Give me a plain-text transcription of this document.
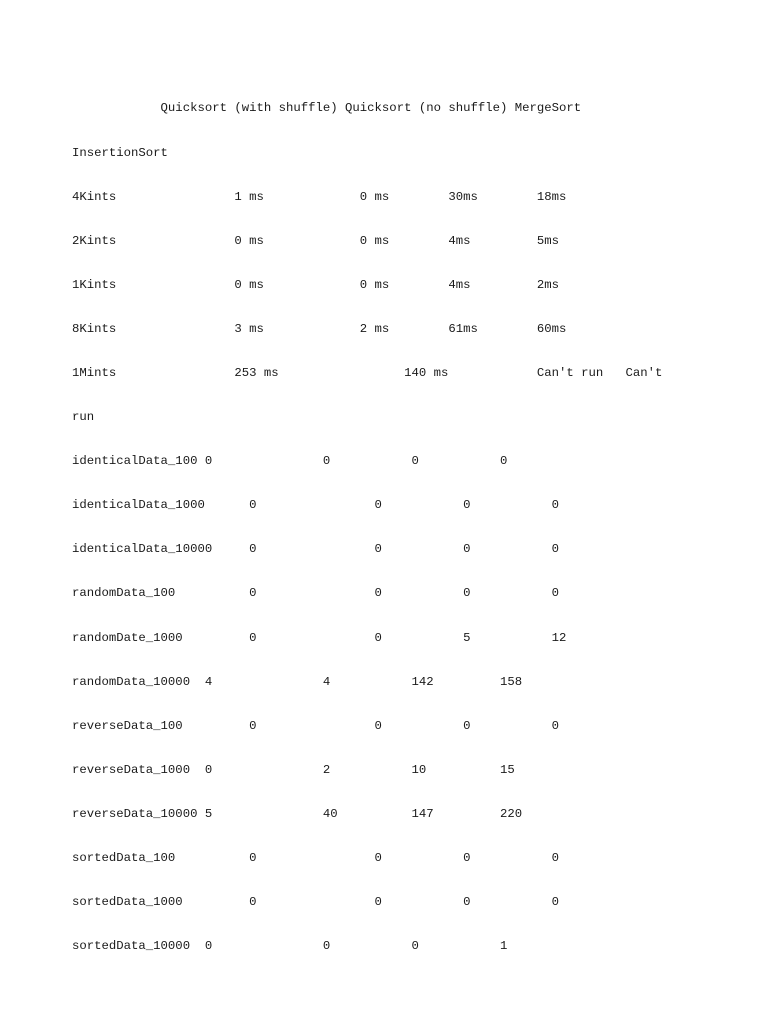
Quicksort (with shuffle) Quicksort (no shuffle) MergeSort

InsertionSort

4Kints                1 ms             0 ms        30ms        18ms

2Kints                0 ms             0 ms        4ms         5ms

1Kints                0 ms             0 ms        4ms         2ms

8Kints                3 ms             2 ms        61ms        60ms

1Mints                253 ms                 140 ms            Can't run   Can't

run

identicalData_100 0               0           0           0

identicalData_1000      0                0           0           0

identicalData_10000     0                0           0           0

randomData_100          0                0           0           0

randomDate_1000         0                0           5           12

randomData_10000  4               4           142         158

reverseData_100         0                0           0           0

reverseData_1000  0               2           10          15

reverseData_10000 5               40          147         220

sortedData_100          0                0           0           0

sortedData_1000         0                0           0           0

sortedData_10000  0               0           0           1
